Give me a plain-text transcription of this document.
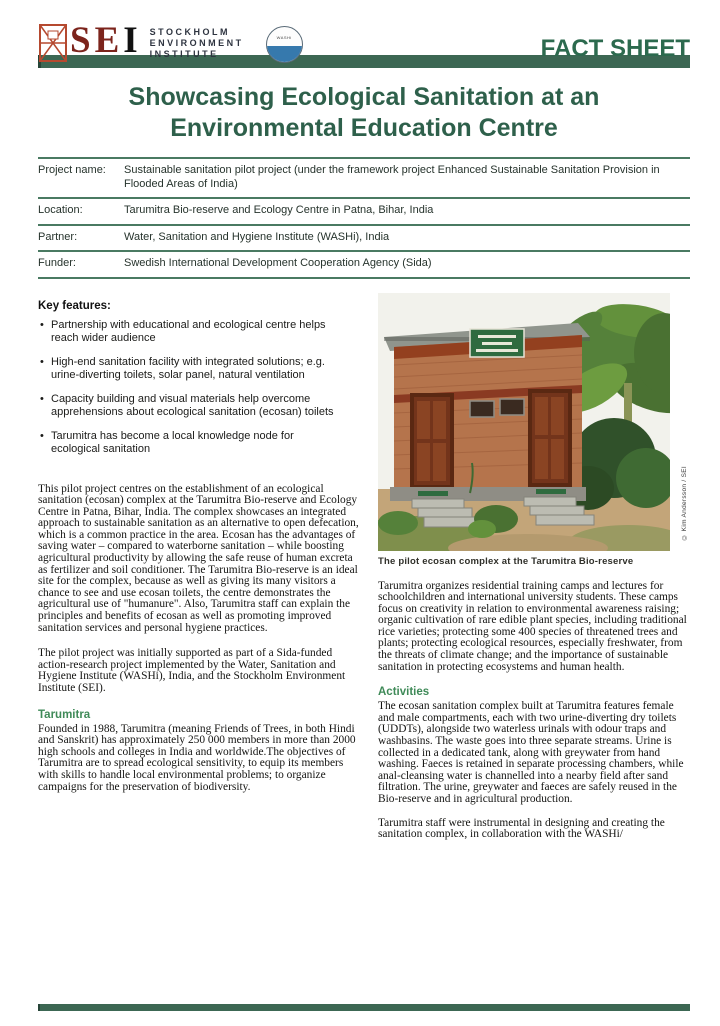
SEI STOCKHOLM
ENVIRONMENT
INSTITUTE
WASHi	FACT SHEET
Showcasing Ecological Sanitation at an
Environmental Education Centre
Project name:	Sustainable sanitation pilot project (under the framework project Enhanced Sustainable Sanitation Provision in Flooded Areas of India)
Location:	Tarumitra Bio-reserve and Ecology Centre in Patna, Bihar, India
Partner:	Water, Sanitation and Hygiene Institute (WASHi), India
Funder:	Swedish International Development Cooperation Agency (Sida)
Key features:
• Partnership with educational and ecological centre helps reach wider audience
• High-end sanitation facility with integrated solutions; e.g. urine-diverting toilets, solar panel, natural ventilation
• Capacity building and visual materials help overcome apprehensions about ecological sanitation (ecosan) toilets
• Tarumitra has become a local knowledge node for ecological sanitation

This pilot project centres on the establishment of an ecological sanitation (ecosan) complex at the Tarumitra Bio-reserve and Ecology Centre in Patna, Bihar, India. The complex showcases an integrated approach to sustainable sanitation as an alternative to open defecation, which is a common practice in the area. Ecosan has the advantages of saving water – compared to waterborne sanitation – while boosting agricultural productivity by allowing the safe reuse of human excreta as fertilizer and soil conditioner. The Tarumitra Bio-reserve is an ideal site for the complex, because as well as giving its many visitors a chance to see and use ecosan toilets, the centre demonstrates the agricultural use of "humanure". Also, Tarumitra staff can explain the principles and benefits of ecosan as well as promoting improved sanitation services and personal hygiene practices.

The pilot project was initially supported as part of a Sida-funded action-research project implemented by the Water, Sanitation and Hygiene Institute (WASHi), India, and the Stockholm Environment Institute (SEI).

Tarumitra

Founded in 1988, Tarumitra (meaning Friends of Trees, in both Hindi and Sanskrit) has approximately 250 000 members in more than 2000 high schools and colleges in India and worldwide.The objectives of Tarumitra are to spread ecological sensitivity, to equip its members with skills to handle local environmental problems; to organize campaigns for the preservation of biodiversity.

© Kim Andersson / SEI
The pilot ecosan complex at the Tarumitra Bio-reserve

Tarumitra organizes residential training camps and lectures for schoolchildren and international university students. These camps focus on creativity in relation to environmental awareness raising; organic cultivation of rare edible plant species, including traditional rice varieties; protecting some 400 species of threatened trees and plants; protecting ecological resources, especially freshwater, from the threats of climate change; and the importance of sustainable sanitation in protecting ecosystems and human health.

Activities

The ecosan sanitation complex built at Tarumitra features female and male compartments, each with two urine-diverting dry toilets (UDDTs), alongside two waterless urinals with odour traps and washbasins. The waste goes into three separate streams. Urine is collected in a dedicated tank, along with greywater from hand washing. Faeces is retained in separate processing chambers, while anal-cleansing water is channelled into a nearby field after sand filtration. The urine, greywater and faeces are safely reused in the Bio-reserve and in agricultural production.

Tarumitra staff were instrumental in designing and creating the sanitation complex, in collaboration with the WASHi/
